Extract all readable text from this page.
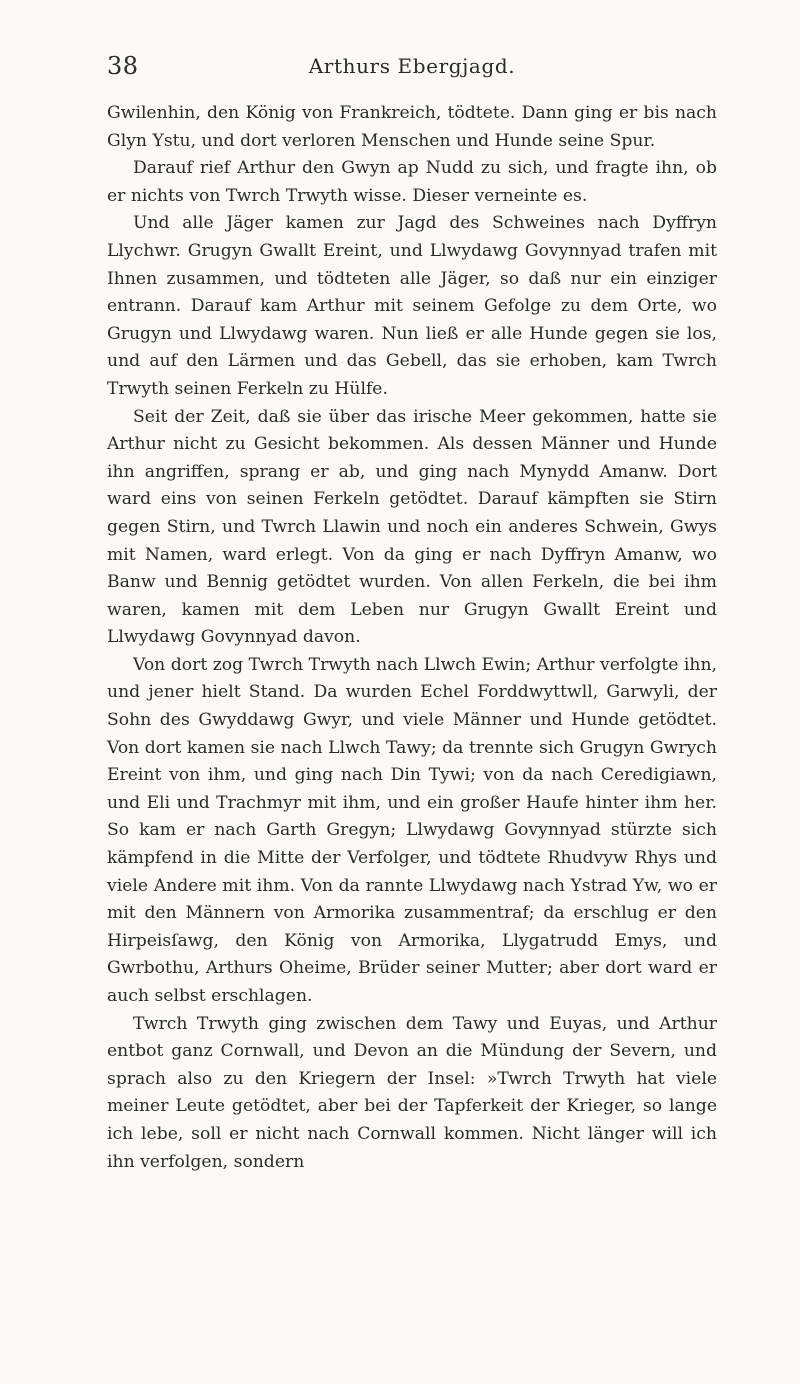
38	Arthurs Ebergjagd.

Gwilenhin, den König von Frankreich, tödtete. Dann ging er bis nach Glyn Ystu, und dort verloren Menschen und Hunde seine Spur.

Darauf rief Arthur den Gwyn ap Nudd zu sich, und fragte ihn, ob er nichts von Twrch Trwyth wisse. Dieser verneinte es.

Und alle Jäger kamen zur Jagd des Schweines nach Dyffryn Llychwr. Grugyn Gwallt Ereint, und Llwydawg Govynnyad trafen mit Ihnen zusammen, und tödteten alle Jäger, so daß nur ein einziger entrann. Darauf kam Arthur mit seinem Gefolge zu dem Orte, wo Grugyn und Llwydawg waren. Nun ließ er alle Hunde gegen sie los, und auf den Lärmen und das Gebell, das sie erhoben, kam Twrch Trwyth seinen Ferkeln zu Hülfe.

Seit der Zeit, daß sie über das irische Meer gekommen, hatte sie Arthur nicht zu Gesicht bekommen. Als dessen Männer und Hunde ihn angriffen, sprang er ab, und ging nach Mynydd Amanw. Dort ward eins von seinen Ferkeln getödtet. Darauf kämpften sie Stirn gegen Stirn, und Twrch Llawin und noch ein anderes Schwein, Gwys mit Namen, ward erlegt. Von da ging er nach Dyffryn Amanw, wo Banw und Bennig getödtet wurden. Von allen Ferkeln, die bei ihm waren, kamen mit dem Leben nur Grugyn Gwallt Ereint und Llwydawg Govynnyad davon.

Von dort zog Twrch Trwyth nach Llwch Ewin; Arthur verfolgte ihn, und jener hielt Stand. Da wurden Echel Forddwyttwll, Garwyli, der Sohn des Gwyddawg Gwyr, und viele Männer und Hunde getödtet. Von dort kamen sie nach Llwch Tawy; da trennte sich Grugyn Gwrych Ereint von ihm, und ging nach Din Tywi; von da nach Ceredigiawn, und Eli und Trachmyr mit ihm, und ein großer Haufe hinter ihm her. So kam er nach Garth Gregyn; Llwydawg Govynnyad stürzte sich kämpfend in die Mitte der Verfolger, und tödtete Rhudvyw Rhys und viele Andere mit ihm. Von da rannte Llwydawg nach Ystrad Yw, wo er mit den Männern von Armorika zusammentraf; da erschlug er den Hirpeisſawg, den König von Armorika, Llygatrudd Emys, und Gwrbothu, Arthurs Oheime, Brüder seiner Mutter; aber dort ward er auch selbst erschlagen.

Twrch Trwyth ging zwischen dem Tawy und Euyas, und Arthur entbot ganz Cornwall, und Devon an die Mündung der Severn, und sprach also zu den Kriegern der Insel: »Twrch Trwyth hat viele meiner Leute getödtet, aber bei der Tapferkeit der Krieger, so lange ich lebe, soll er nicht nach Cornwall kommen. Nicht länger will ich ihn verfolgen, sondern
